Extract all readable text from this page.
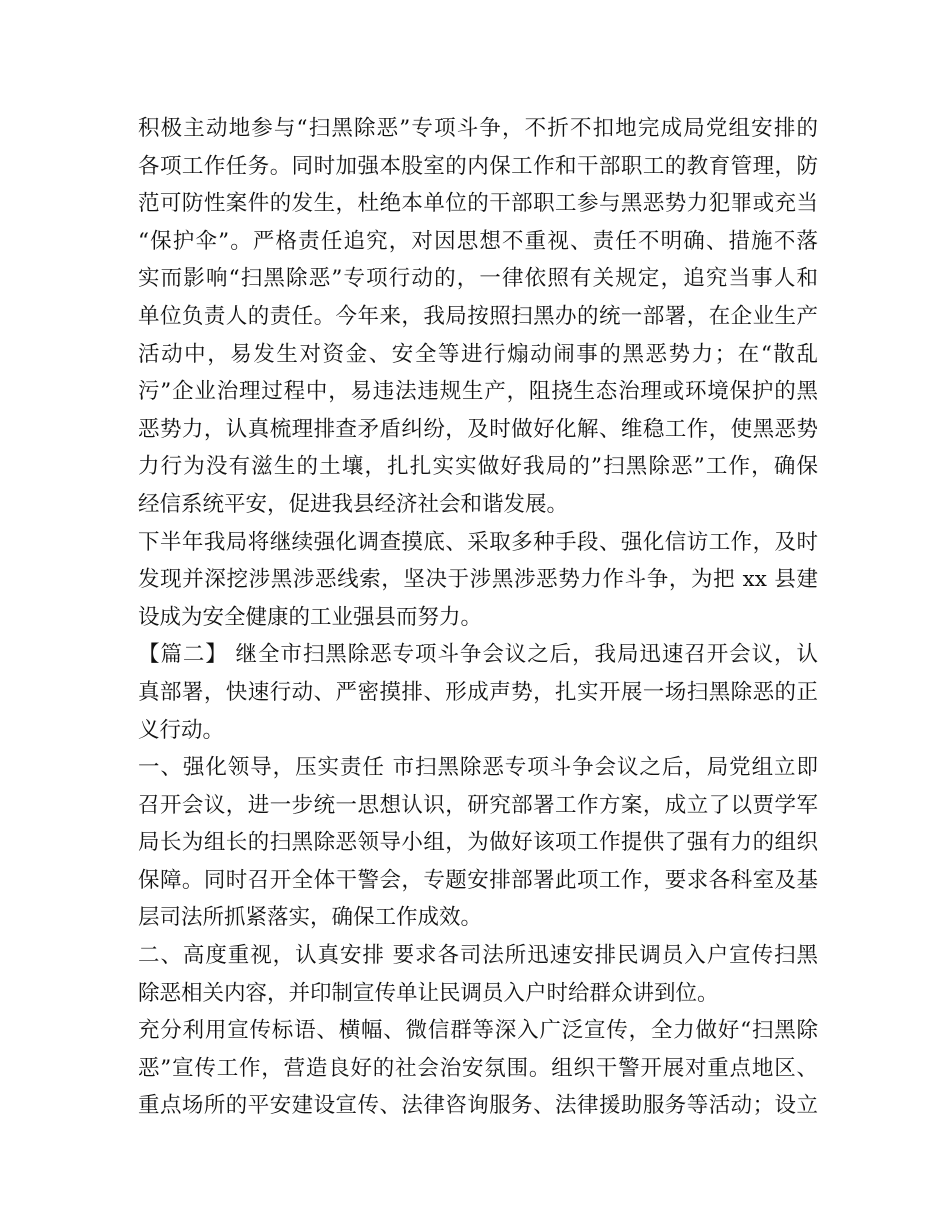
积极主动地参与“扫黑除恶”专项斗争，不折不扣地完成局党组安排的
各项工作任务。同时加强本股室的内保工作和干部职工的教育管理，防
范可防性案件的发生，杜绝本单位的干部职工参与黑恶势力犯罪或充当
“保护伞”。严格责任追究，对因思想不重视、责任不明确、措施不落
实而影响“扫黑除恶”专项行动的，一律依照有关规定，追究当事人和
单位负责人的责任。今年来，我局按照扫黑办的统一部署，在企业生产
活动中，易发生对资金、安全等进行煽动闹事的黑恶势力；在“散乱
污”企业治理过程中，易违法违规生产，阻挠生态治理或环境保护的黑
恶势力，认真梳理排查矛盾纠纷，及时做好化解、维稳工作，使黑恶势
力行为没有滋生的土壤，扎扎实实做好我局的”扫黑除恶”工作，确保
经信系统平安，促进我县经济社会和谐发展。
下半年我局将继续强化调查摸底、采取多种手段、强化信访工作，及时
发现并深挖涉黑涉恶线索，坚决于涉黑涉恶势力作斗争，为把 xx 县建
设成为安全健康的工业强县而努力。
【篇二】 继全市扫黑除恶专项斗争会议之后，我局迅速召开会议，认
真部署，快速行动、严密摸排、形成声势，扎实开展一场扫黑除恶的正
义行动。
一、强化领导，压实责任 市扫黑除恶专项斗争会议之后，局党组立即
召开会议，进一步统一思想认识，研究部署工作方案，成立了以贾学军
局长为组长的扫黑除恶领导小组，为做好该项工作提供了强有力的组织
保障。同时召开全体干警会，专题安排部署此项工作，要求各科室及基
层司法所抓紧落实，确保工作成效。
二、高度重视，认真安排 要求各司法所迅速安排民调员入户宣传扫黑
除恶相关内容，并印制宣传单让民调员入户时给群众讲到位。
充分利用宣传标语、横幅、微信群等深入广泛宣传，全力做好“扫黑除
恶”宣传工作，营造良好的社会治安氛围。组织干警开展对重点地区、
重点场所的平安建设宣传、法律咨询服务、法律援助服务等活动；设立
